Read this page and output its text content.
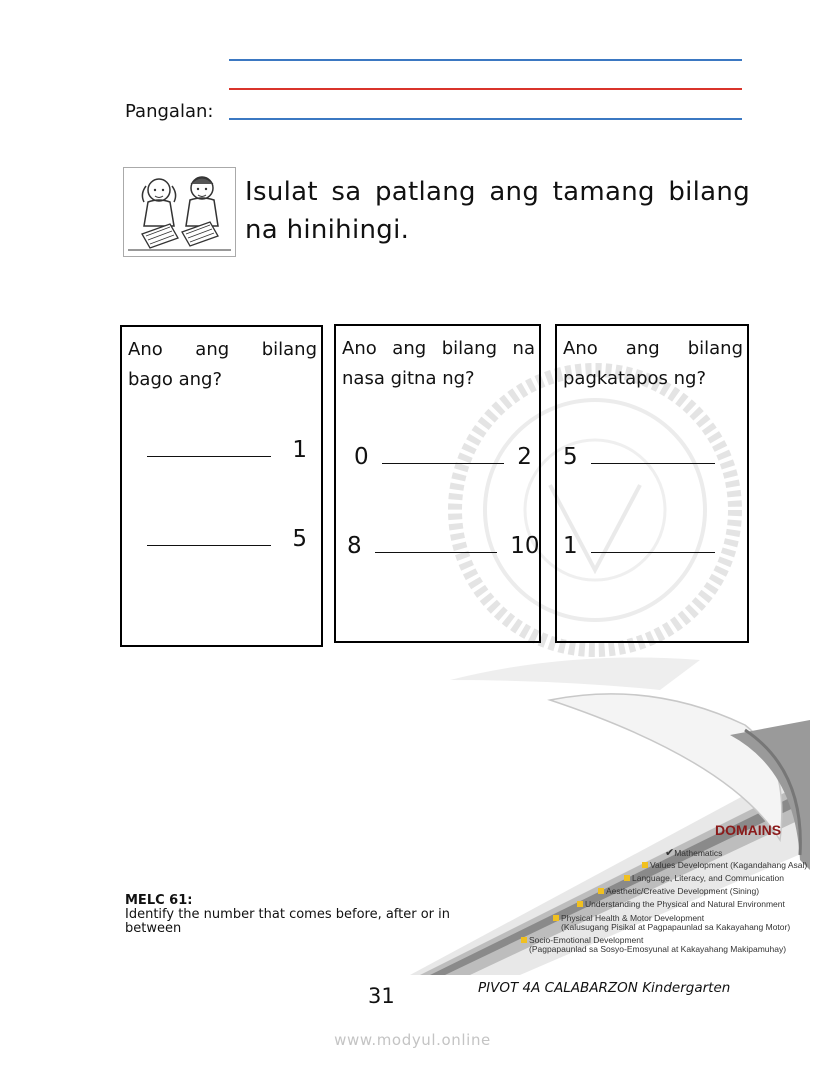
Pangalan:

Isulat sa patlang ang tamang bilang na hinihingi.

Ano ang bilang
bago ang?
1
5
Ano ang bilang na
nasa gitna ng?
0	2
8	10
Ano ang bilang
pagkatapos ng?
5
1
DOMAINS
✔Mathematics
Values Development (Kagandahang Asal)
Language, Literacy, and Communication
Aesthetic/Creative Development (Sining)
Understanding the Physical and Natural Environment
Physical Health & Motor Development
(Kalusugang Pisikal at Pagpapaunlad sa Kakayahang Motor)
Socio-Emotional Development
(Pagpapaunlad sa Sosyo-Emosyunal at Kakayahang Makipamuhay)
MELC 61:
Identify the number that comes before, after or in between
31	PIVOT 4A CALABARZON Kindergarten
www.modyul.online
